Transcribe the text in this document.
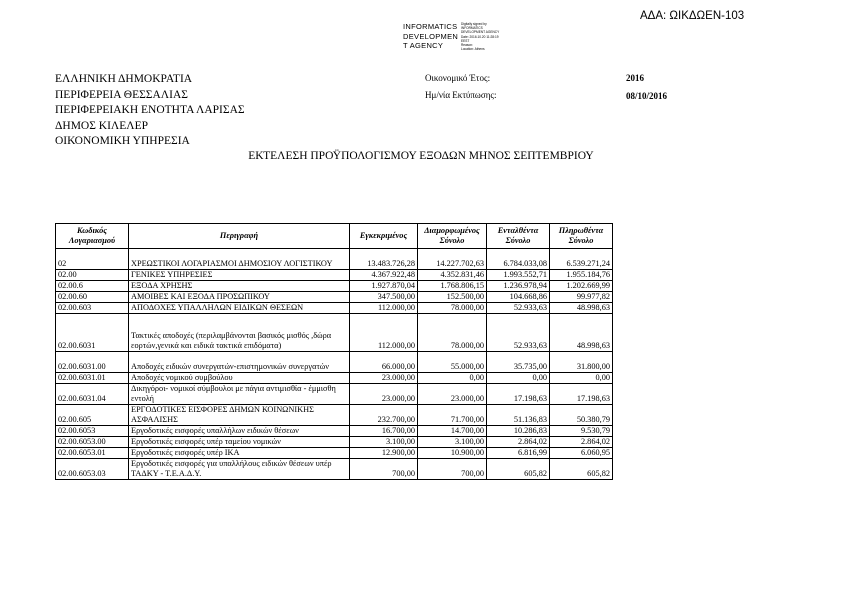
ΑΔΑ: ΩΙΚΔΩΕΝ-103
INFORMATICS
DEVELOPMEN
T AGENCY
Digitally signed by
INFORMATICS
DEVELOPMENT AGENCY
Date: 2016.10.20 11:28:19
EEST
Reason:
Location: Athens
ΕΛΛΗΝΙΚΗ ΔΗΜΟΚΡΑΤΙΑ
ΠΕΡΙΦΕΡΕΙΑ ΘΕΣΣΑΛΙΑΣ
ΠΕΡΙΦΕΡΕΙΑΚΗ ΕΝΟΤΗΤΑ ΛΑΡΙΣΑΣ
ΔΗΜΟΣ ΚΙΛΕΛΕΡ
ΟΙΚΟΝΟΜΙΚΗ ΥΠΗΡΕΣΙΑ
Οικονομικό Έτος:	2016
Ημ/νία Εκτύπωσης:	08/10/2016
ΕΚΤΕΛΕΣΗ ΠΡΟΫΠΟΛΟΓΙΣΜΟΥ ΕΞΟΔΩΝ ΜΗΝΟΣ ΣΕΠΤΕΜΒΡΙΟΥ
Κωδικός Λογαριασμού	Περιγραφή	Εγκεκριμένος	Διαμορφωμένος Σύνολο	Ενταλθέντα Σύνολο	Πληρωθέντα Σύνολο
02	ΧΡΕΩΣΤΙΚΟΙ ΛΟΓΑΡΙΑΣΜΟΙ ΔΗΜΟΣΙΟΥ ΛΟΓΙΣΤΙΚΟΥ	13.483.726,28	14.227.702,63	6.784.033,08	6.539.271,24
02.00	ΓΕΝΙΚΕΣ ΥΠΗΡΕΣΙΕΣ	4.367.922,48	4.352.831,46	1.993.552,71	1.955.184,76
02.00.6	ΕΞΟΔΑ ΧΡΗΣΗΣ	1.927.870,04	1.768.806,15	1.236.978,94	1.202.669,99
02.00.60	ΑΜΟΙΒΕΣ ΚΑΙ ΕΞΟΔΑ ΠΡΟΣΩΠΙΚΟΥ	347.500,00	152.500,00	104.668,86	99.977,82
02.00.603	ΑΠΟΔΟΧΕΣ ΥΠΑΛΛΗΛΩΝ ΕΙΔΙΚΩΝ ΘΕΣΕΩΝ	112.000,00	78.000,00	52.933,63	48.998,63
02.00.6031	Τακτικές αποδοχές (περιλαμβάνονται βασικός μισθός ,δώρα εορτών,γενικά και ειδικά τακτικά επιδόματα)	112.000,00	78.000,00	52.933,63	48.998,63
02.00.6031.00	Αποδοχές ειδικών συνεργατών-επιστημονικών συνεργατών	66.000,00	55.000,00	35.735,00	31.800,00
02.00.6031.01	Αποδοχές νομικού συμβούλου	23.000,00	0,00	0,00	0,00
02.00.6031.04	Δικηγόροι- νομικοί σύμβουλοι με πάγια αντιμισθία - έμμισθη εντολή	23.000,00	23.000,00	17.198,63	17.198,63
02.00.605	ΕΡΓΟΔΟΤΙΚΕΣ ΕΙΣΦΟΡΕΣ ΔΗΜΩΝ ΚΟΙΝΩΝΙΚΗΣ ΑΣΦΑΛΙΣΗΣ	232.700,00	71.700,00	51.136,83	50.380,79
02.00.6053	Εργοδοτικές εισφορές υπαλλήλων ειδικών θέσεων	16.700,00	14.700,00	10.286,83	9.530,79
02.00.6053.00	Εργοδοτικές εισφορές υπέρ ταμείου νομικών	3.100,00	3.100,00	2.864,02	2.864,02
02.00.6053.01	Εργοδοτικές εισφορές υπέρ ΙΚΑ	12.900,00	10.900,00	6.816,99	6.060,95
02.00.6053.03	Εργοδοτικές εισφορές για υπαλλήλους ειδικών θέσεων υπέρ ΤΑΔΚΥ - Τ.Ε.Α.Δ.Υ.	700,00	700,00	605,82	605,82
